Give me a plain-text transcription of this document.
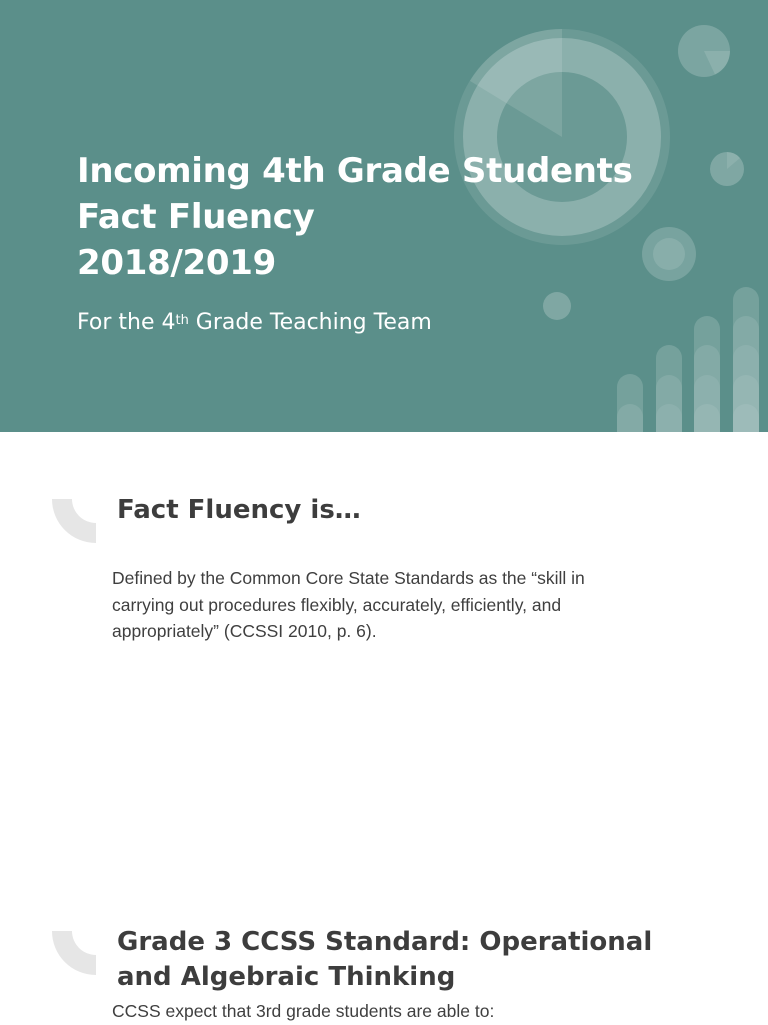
Incoming 4th Grade Students
Fact Fluency
2018/2019
For the 4th Grade Teaching Team
Fact Fluency is…
Defined by the Common Core State Standards as the “skill in
carrying out procedures flexibly, accurately, efficiently, and
appropriately” (CCSSI 2010, p. 6).
Grade 3 CCSS Standard: Operational
and Algebraic Thinking
CCSS expect that 3rd grade students are able to:
